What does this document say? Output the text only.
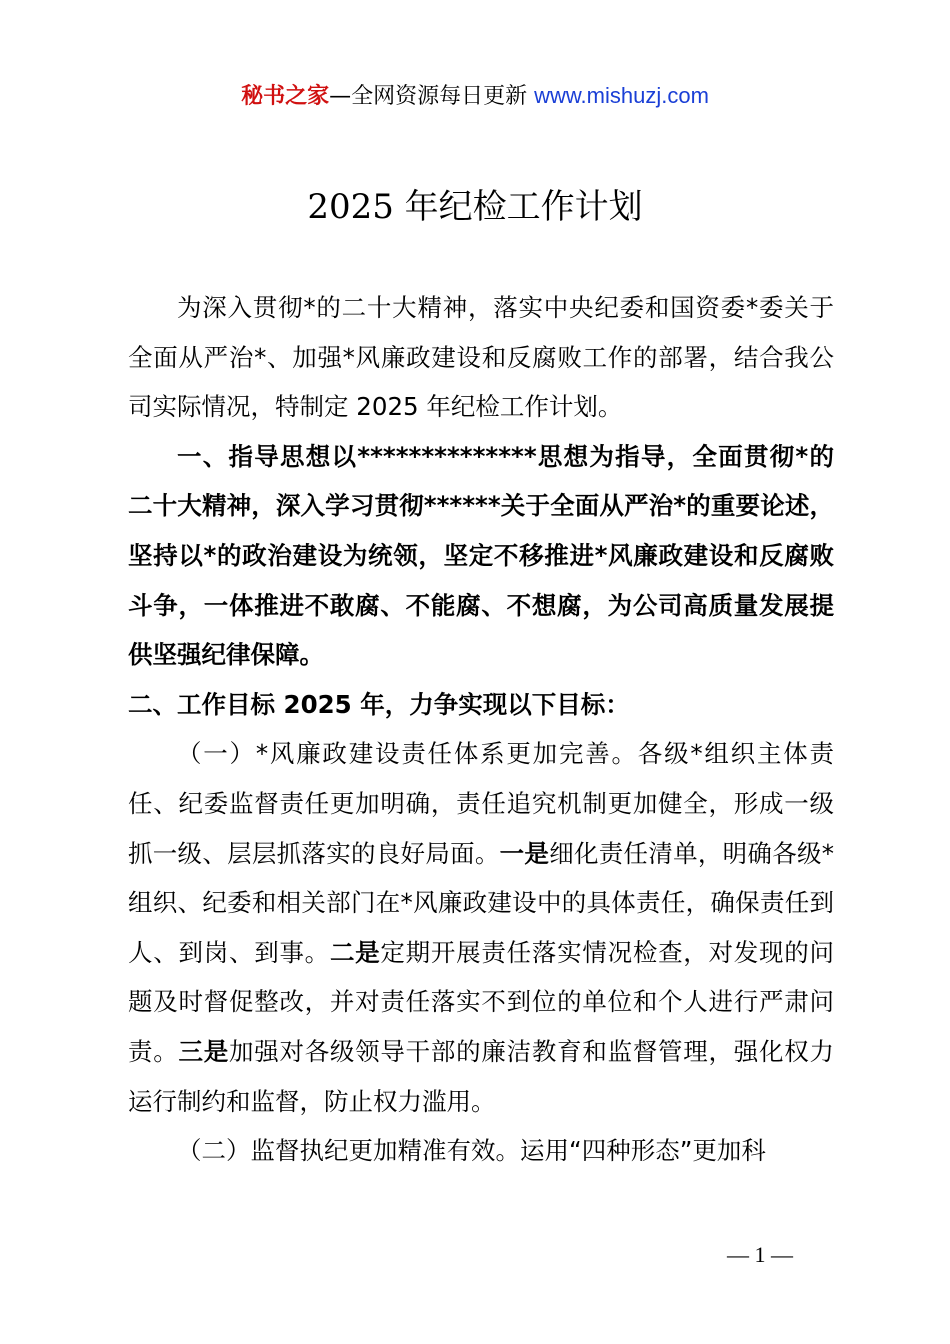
秘书之家—全网资源每日更新 www.mishuzj.com
2025 年纪检工作计划

为深入贯彻*的二十大精神，落实中央纪委和国资委*委关于全面从严治*、加强*风廉政建设和反腐败工作的部署，结合我公司实际情况，特制定 2025 年纪检工作计划。

一、指导思想以**************思想为指导，全面贯彻*的二十大精神，深入学习贯彻******关于全面从严治*的重要论述，坚持以*的政治建设为统领，坚定不移推进*风廉政建设和反腐败斗争，一体推进不敢腐、不能腐、不想腐，为公司高质量发展提供坚强纪律保障。

二、工作目标 2025 年，力争实现以下目标：

（一）*风廉政建设责任体系更加完善。各级*组织主体责任、纪委监督责任更加明确，责任追究机制更加健全，形成一级抓一级、层层抓落实的良好局面。一是细化责任清单，明确各级*组织、纪委和相关部门在*风廉政建设中的具体责任，确保责任到人、到岗、到事。二是定期开展责任落实情况检查，对发现的问题及时督促整改，并对责任落实不到位的单位和个人进行严肃问责。三是加强对各级领导干部的廉洁教育和监督管理，强化权力运行制约和监督，防止权力滥用。

（二）监督执纪更加精准有效。运用“四种形态”更加科

— 1 —
